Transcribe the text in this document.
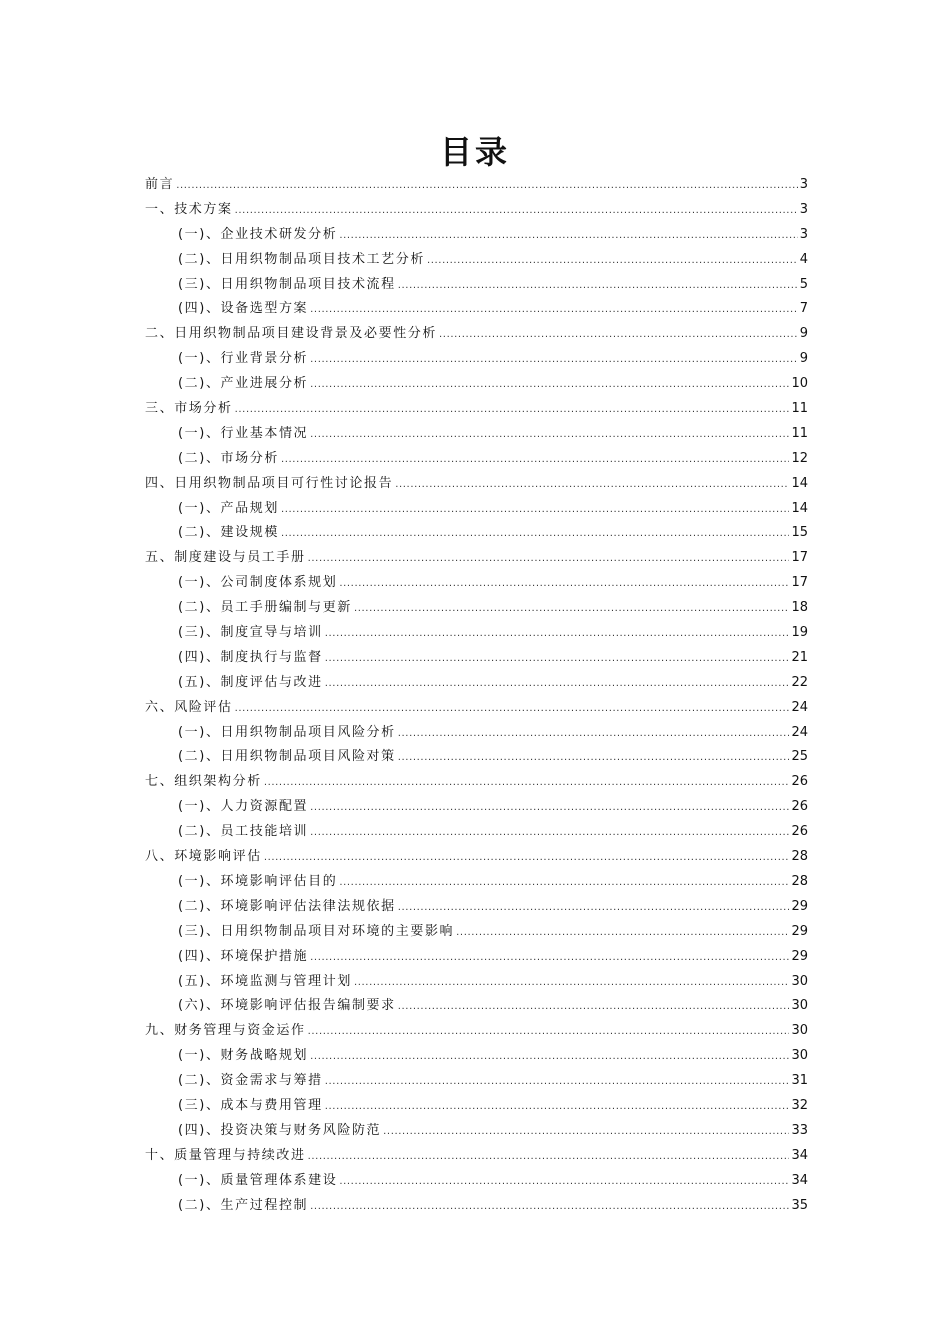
目录
前言 .....	3
一、技术方案 .....	3
(一)、企业技术研发分析 .....	3
(二)、日用织物制品项目技术工艺分析 .....	4
(三)、日用织物制品项目技术流程 .....	5
(四)、设备选型方案 .....	7
二、日用织物制品项目建设背景及必要性分析 .....	9
(一)、行业背景分析 .....	9
(二)、产业进展分析 .....	10
三、市场分析 .....	11
(一)、行业基本情况 .....	11
(二)、市场分析 .....	12
四、日用织物制品项目可行性讨论报告 .....	14
(一)、产品规划 .....	14
(二)、建设规模 .....	15
五、制度建设与员工手册 .....	17
(一)、公司制度体系规划 .....	17
(二)、员工手册编制与更新 .....	18
(三)、制度宣导与培训 .....	19
(四)、制度执行与监督 .....	21
(五)、制度评估与改进 .....	22
六、风险评估 .....	24
(一)、日用织物制品项目风险分析 .....	24
(二)、日用织物制品项目风险对策 .....	25
七、组织架构分析 .....	26
(一)、人力资源配置 .....	26
(二)、员工技能培训 .....	26
八、环境影响评估 .....	28
(一)、环境影响评估目的 .....	28
(二)、环境影响评估法律法规依据 .....	29
(三)、日用织物制品项目对环境的主要影响 .....	29
(四)、环境保护措施 .....	29
(五)、环境监测与管理计划 .....	30
(六)、环境影响评估报告编制要求 .....	30
九、财务管理与资金运作 .....	30
(一)、财务战略规划 .....	30
(二)、资金需求与筹措 .....	31
(三)、成本与费用管理 .....	32
(四)、投资决策与财务风险防范 .....	33
十、质量管理与持续改进 .....	34
(一)、质量管理体系建设 .....	34
(二)、生产过程控制 .....	35
